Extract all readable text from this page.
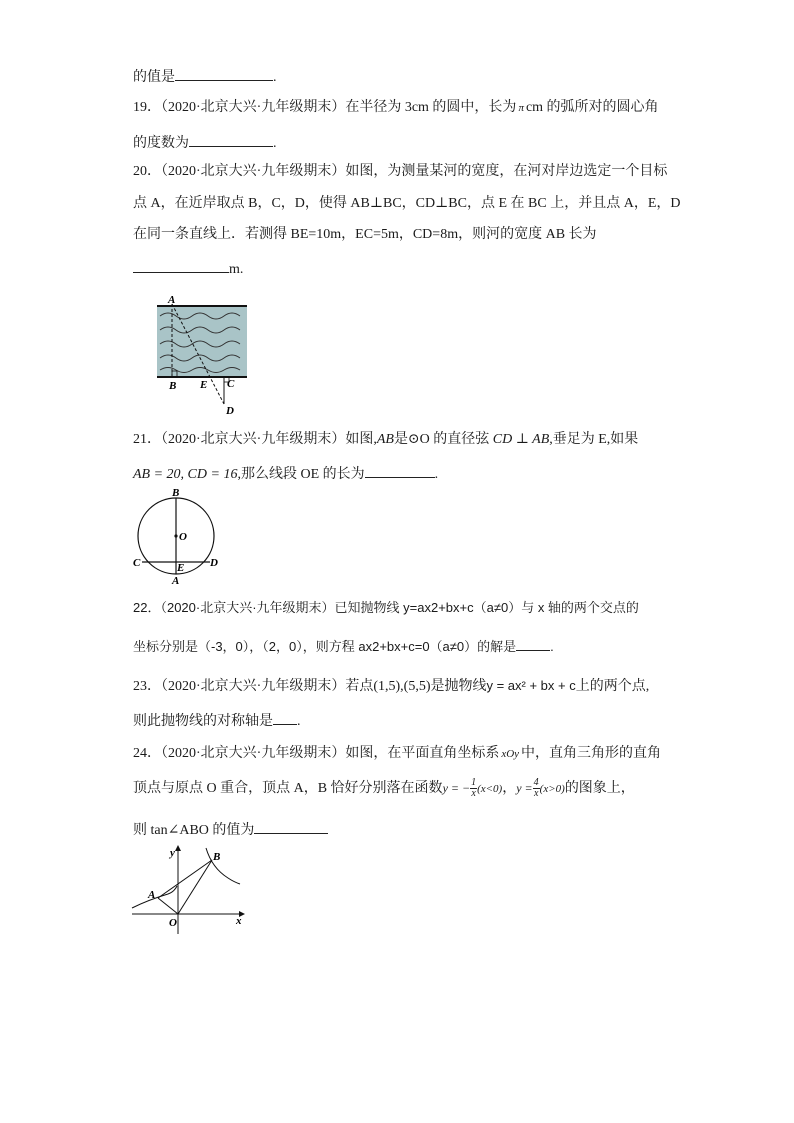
的值是	.
19．（2020·北京大兴·九年级期末）在半径为 3cm 的圆中，长为 π cm 的弧所对的圆心角
的度数为	.
20．（2020·北京大兴·九年级期末）如图，为测量某河的宽度，在河对岸边选定一个目标
点 A，在近岸取点 B，C，D，使得 AB⊥BC，CD⊥BC，点 E 在 BC 上，并且点 A，E，D
在同一条直线上．若测得 BE=10m，EC=5m，CD=8m，则河的宽度 AB 长为
m.
A
B E C
D
21．（2020·北京大兴·九年级期末）如图,AB是⊙O 的直径弦 CD ⊥ AB,垂足为 E,如果
AB = 20, CD = 16,那么线段 OE 的长为	.
B
O
C	E
A
D
22．（2020·北京大兴·九年级期末）已知抛物线 y=ax2+bx+c（a≠0）与 x 轴的两个交点的
坐标分别是（-3，0），（2，0），则方程 ax2+bx+c=0（a≠0）的解是	.
23．（2020·北京大兴·九年级期末）若点(1,5),(5,5)是抛物线y = ax² + bx + c上的两个点,
则此抛物线的对称轴是 .
24．（2020·北京大兴·九年级期末）如图，在平面直角坐标系 xOy 中，直角三角形的直角
顶点与原点 O 重合，顶点 A，B 恰好分别落在函数y = − $\frac{1}{x} (x<0)$，$y = \frac{4}{x} (x>0)$的图象上，
则 tan∠ABO 的值为
y	B
A
O	x
